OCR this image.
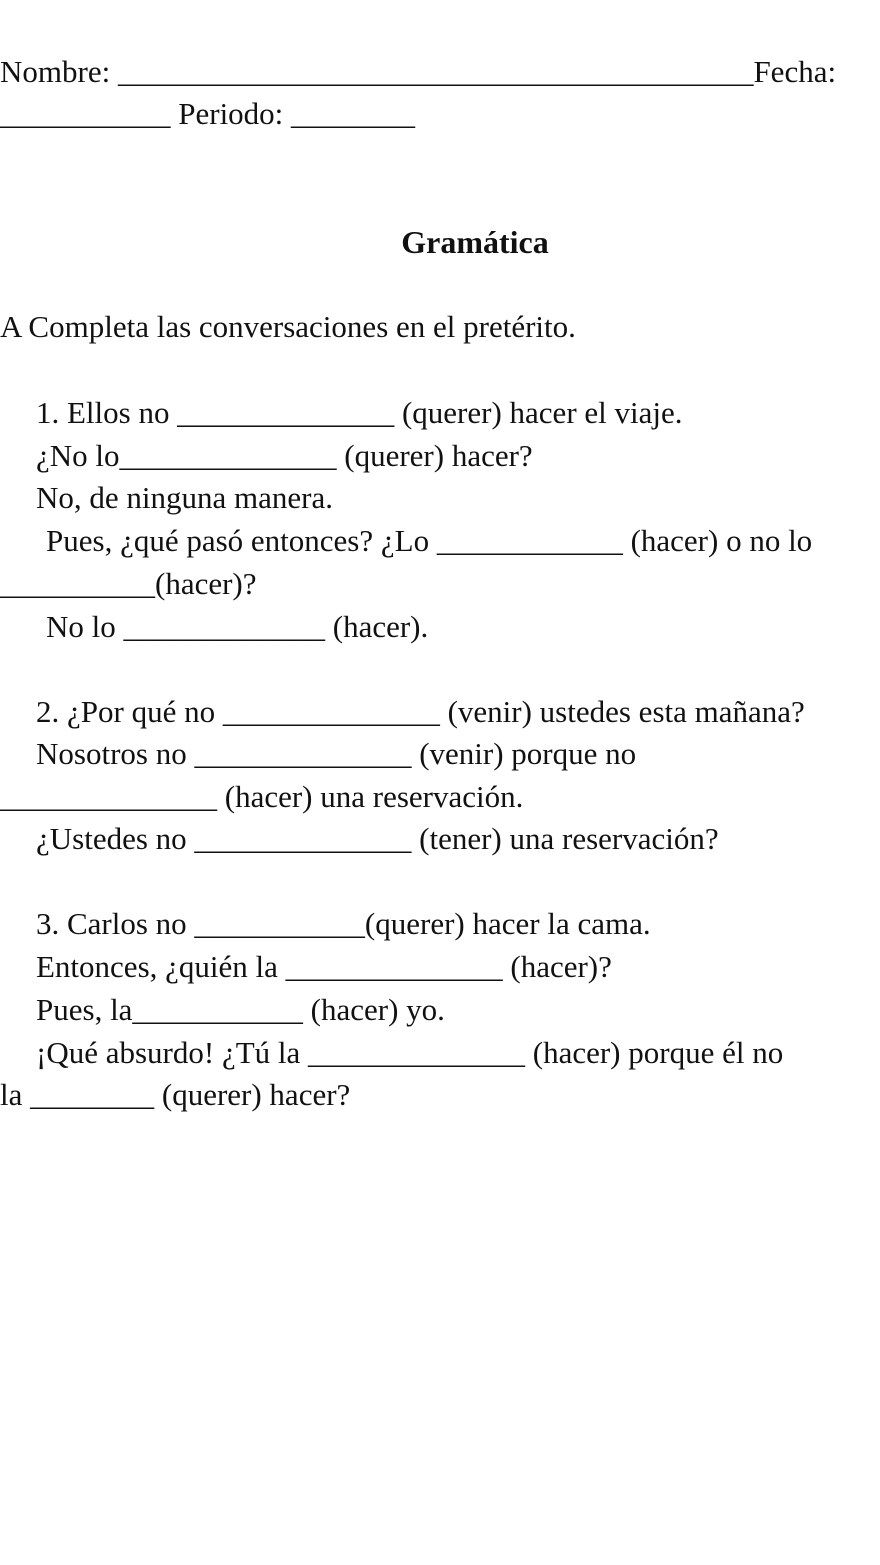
Nombre: _________________________________________Fecha:
___________ Periodo: ________
Gramática
A Completa las conversaciones en el pretérito.
1. Ellos no ______________ (querer) hacer el viaje.
¿No lo______________ (querer) hacer?
No, de ninguna manera.
Pues, ¿qué pasó entonces? ¿Lo ____________ (hacer) o no lo
__________(hacer)?
No lo _____________ (hacer).
2. ¿Por qué no ______________ (venir) ustedes esta mañana?
Nosotros no ______________ (venir) porque no
______________ (hacer) una reservación.
¿Ustedes no ______________ (tener) una reservación?
3. Carlos no ___________(querer) hacer la cama.
Entonces, ¿quién la ______________ (hacer)?
Pues, la___________ (hacer) yo.
¡Qué absurdo! ¿Tú la ______________ (hacer) porque él no
la ________ (querer) hacer?
